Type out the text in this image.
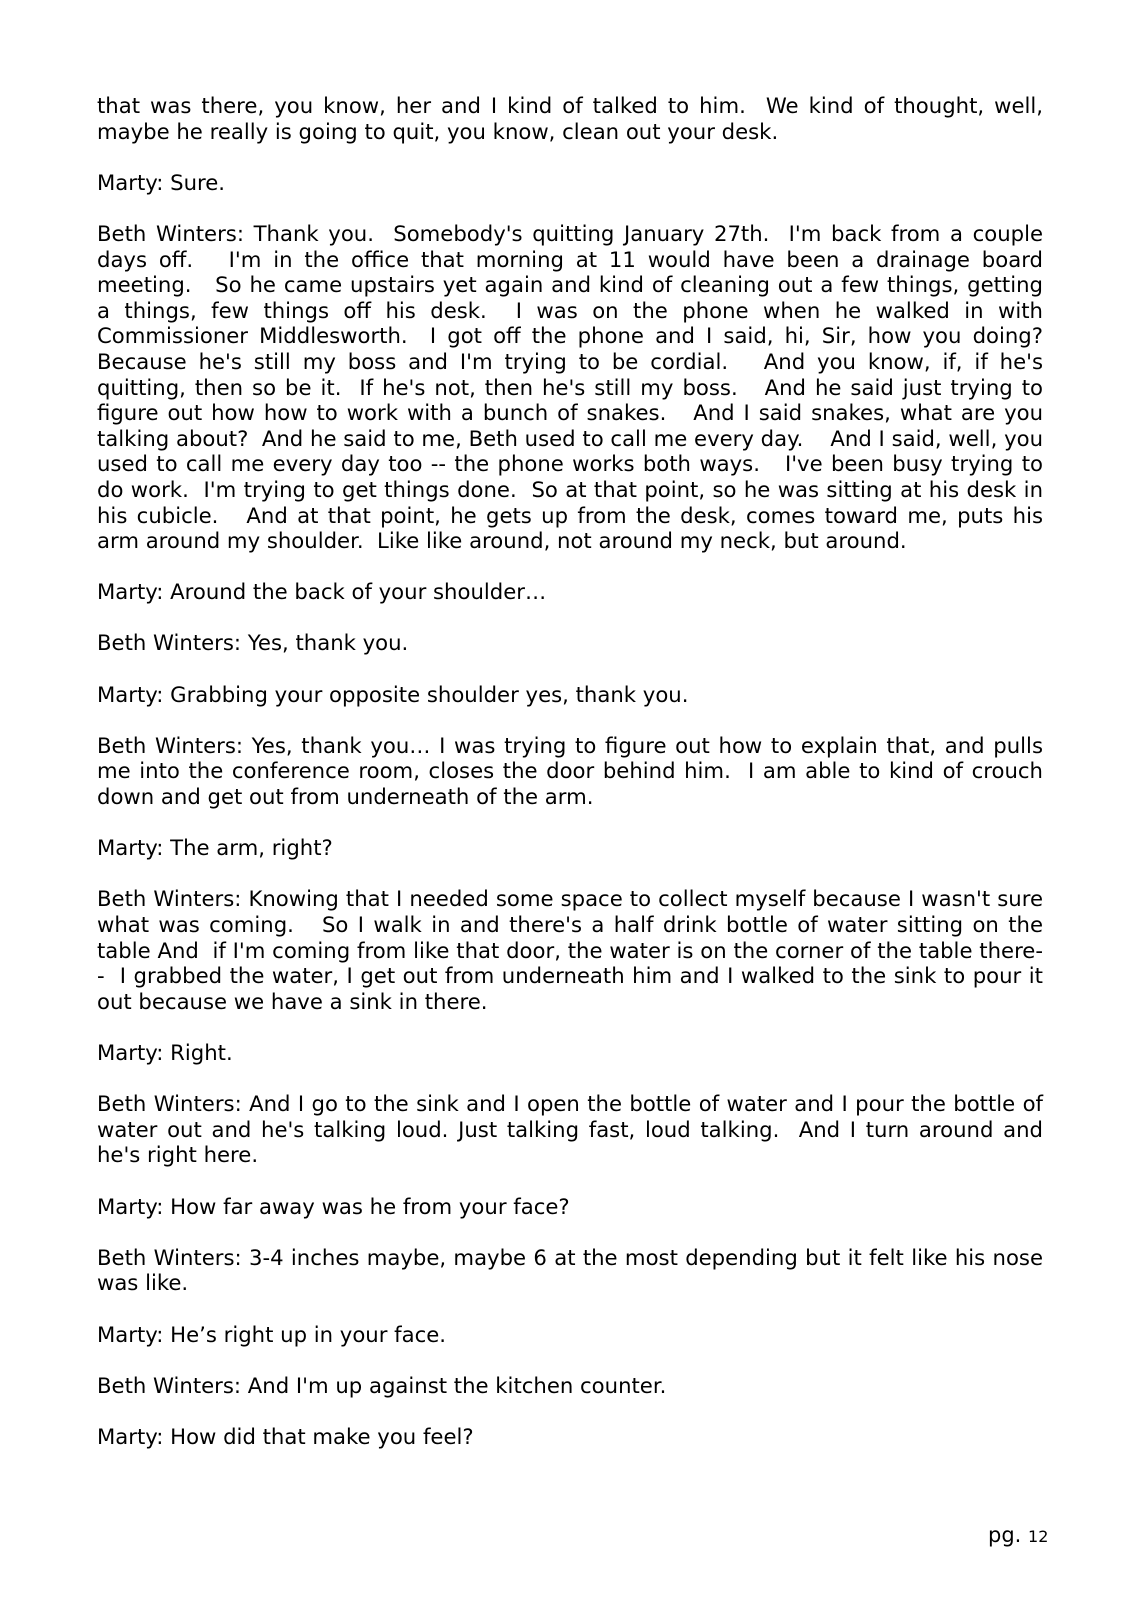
that was there, you know, her and I kind of talked to him.  We kind of thought, well, maybe he really is going to quit, you know, clean out your desk.

Marty: Sure.

Beth Winters: Thank you.  Somebody's quitting January 27th.  I'm back from a couple days off.   I'm in the office that morning at 11 would have been a drainage board meeting.   So he came upstairs yet again and kind of cleaning out a few things, getting a things, few things off his desk.  I was on the phone when he walked in with Commissioner Middlesworth.  I got off the phone and I said, hi, Sir, how you doing? Because he's still my boss and I'm trying to be cordial.   And you know, if, if he's quitting, then so be it.  If he's not, then he's still my boss.   And he said just trying to figure out how how to work with a bunch of snakes.   And I said snakes, what are you talking about?  And he said to me, Beth used to call me every day.    And I said, well, you used to call me every day too -- the phone works both ways.   I've been busy trying to do work.  I'm trying to get things done.  So at that point, so he was sitting at his desk in his cubicle.   And at that point, he gets up from the desk, comes toward me, puts his arm around my shoulder.  Like like around, not around my neck, but around.

Marty: Around the back of your shoulder…

Beth Winters: Yes, thank you.

Marty: Grabbing your opposite shoulder yes, thank you.

Beth Winters: Yes, thank you… I was trying to figure out how to explain that, and pulls me into the conference room, closes the door behind him.  I am able to kind of crouch down and get out from underneath of the arm.

Marty: The arm, right?

Beth Winters: Knowing that I needed some space to collect myself because I wasn't sure what was coming.   So I walk in and there's a half drink bottle of water sitting on the table And  if I'm coming from like that door, the water is on the corner of the table there--  I grabbed the water, I get out from underneath him and I walked to the sink to pour it out because we have a sink in there.

Marty: Right.

Beth Winters: And I go to the sink and I open the bottle of water and I pour the bottle of water out and he's talking loud. Just talking fast, loud talking.  And I turn around and he's right here.

Marty: How far away was he from your face?

Beth Winters: 3-4 inches maybe, maybe 6 at the most depending but it felt like his nose was like.

Marty: He’s right up in your face.

Beth Winters: And I'm up against the kitchen counter.

Marty: How did that make you feel?

pg. 12
